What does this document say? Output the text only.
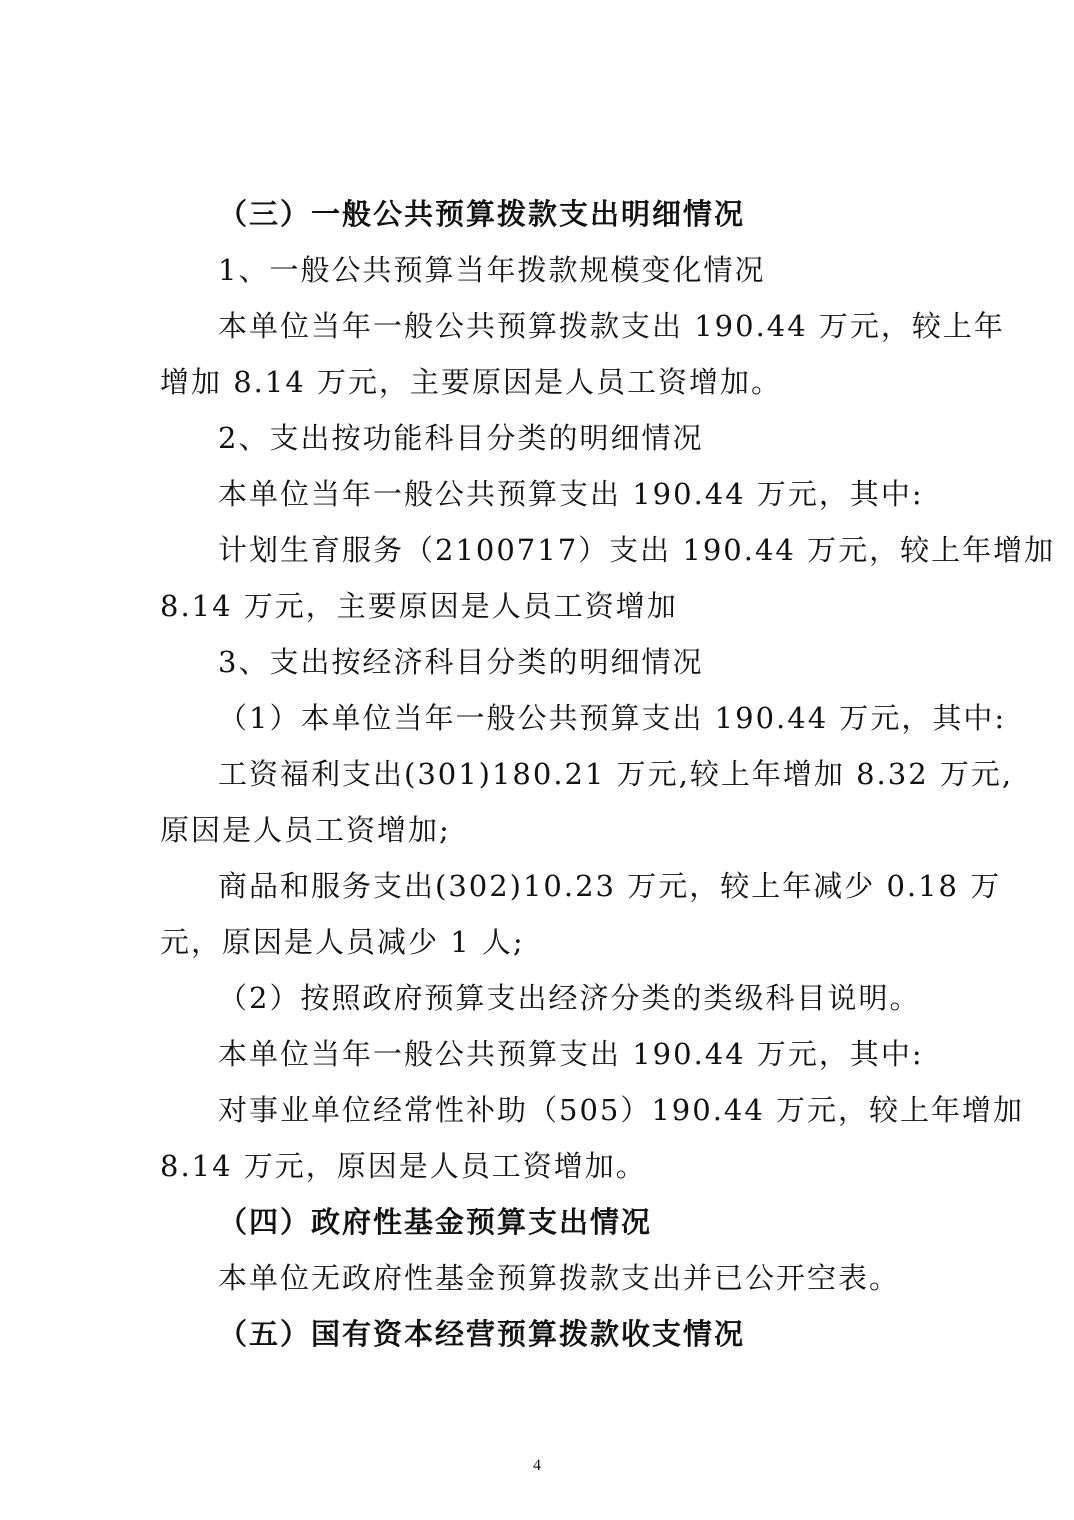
（三）一般公共预算拨款支出明细情况
1、一般公共预算当年拨款规模变化情况
本单位当年一般公共预算拨款支出 190.44 万元，较上年
增加 8.14 万元，主要原因是人员工资增加。
2、支出按功能科目分类的明细情况
本单位当年一般公共预算支出 190.44 万元，其中:
计划生育服务（2100717）支出 190.44 万元，较上年增加
8.14 万元，主要原因是人员工资增加
3、支出按经济科目分类的明细情况
（1）本单位当年一般公共预算支出 190.44 万元，其中:
工资福利支出(301)180.21 万元,较上年增加 8.32 万元,
原因是人员工资增加;
商品和服务支出(302)10.23 万元，较上年减少 0.18 万
元，原因是人员减少 1 人;
（2）按照政府预算支出经济分类的类级科目说明。
本单位当年一般公共预算支出 190.44 万元，其中:
对事业单位经常性补助（505）190.44 万元，较上年增加
8.14 万元，原因是人员工资增加。
（四）政府性基金预算支出情况
本单位无政府性基金预算拨款支出并已公开空表。
（五）国有资本经营预算拨款收支情况
4
